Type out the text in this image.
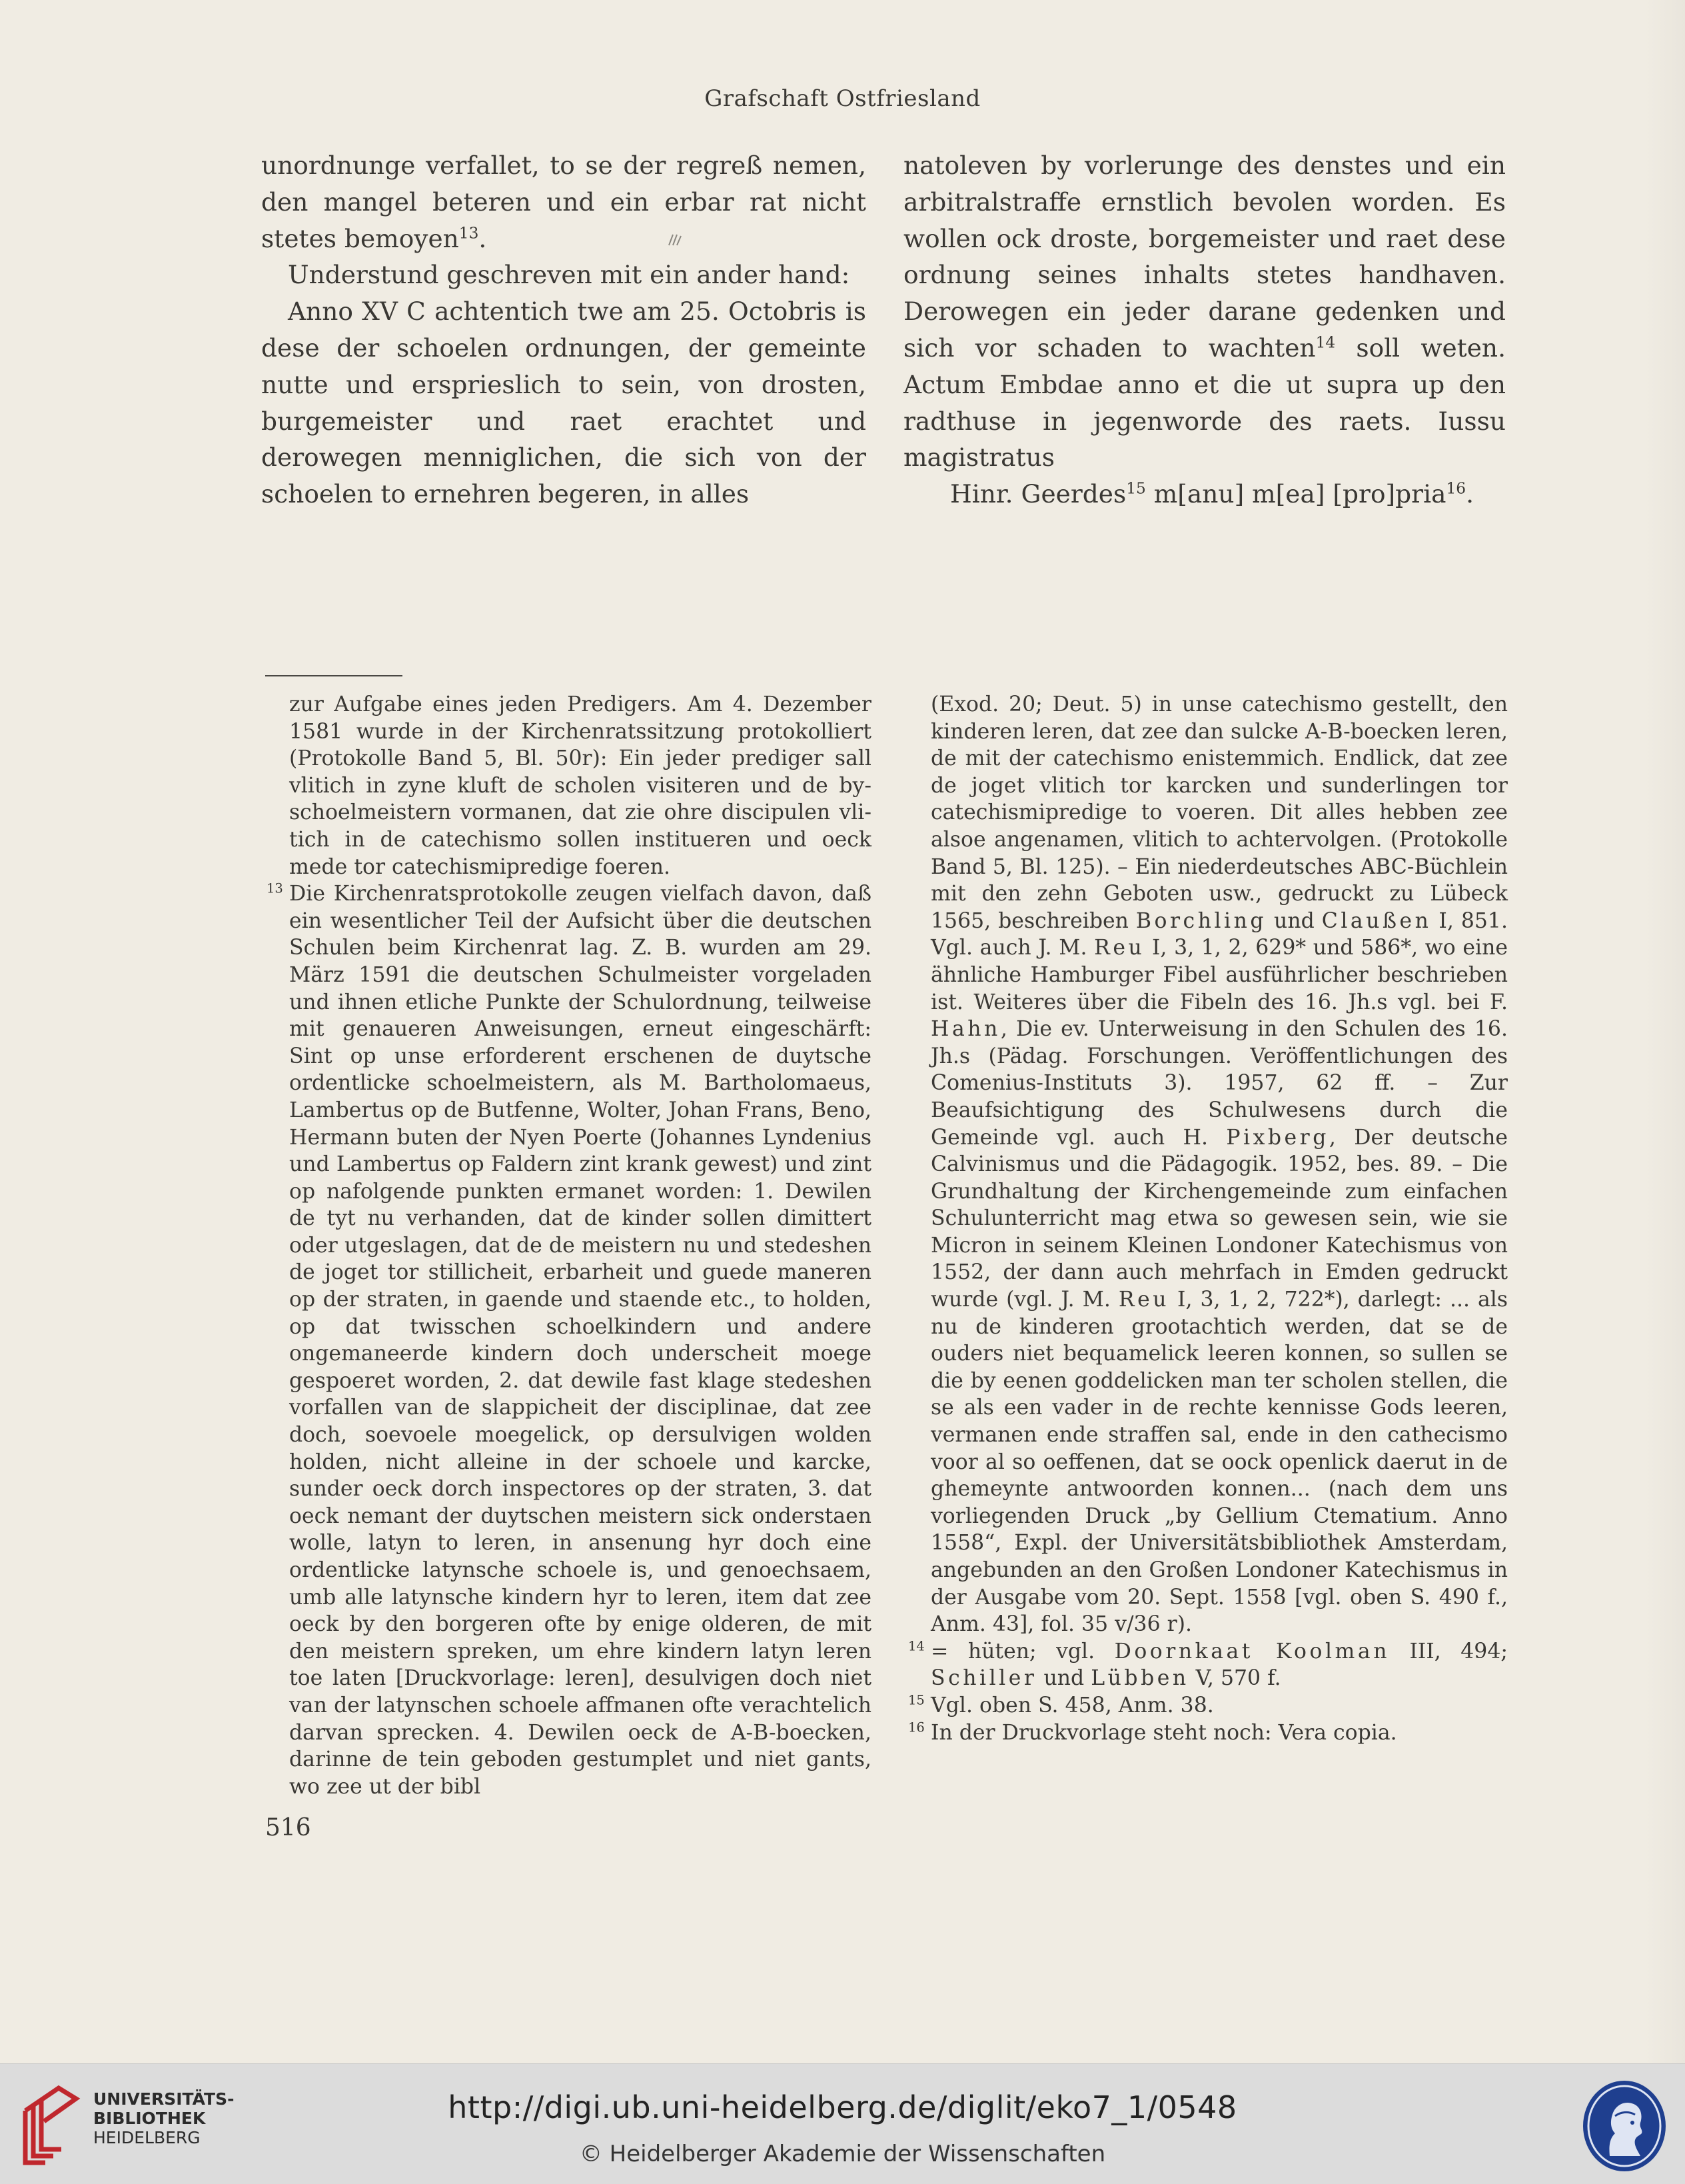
Grafschaft Ostfriesland

unordnunge verfallet, to se der regreß nemen, den mangel beteren und ein erbar rat nicht stetes bemoyen$^{13}$.

Understund geschreven mit ein ander hand:

Anno XV C achtentich twe am 25. Octobris is dese der schoelen ordnungen, der gemeinte nutte und ersprieslich to sein, von drosten, burgemeister und raet erachtet und derowegen menniglichen, die sich von der schoelen to ernehren begeren, in alles

natoleven by vorlerunge des denstes und ein arbitralstraffe ernstlich bevolen worden. Es wollen ock droste, borgemeister und raet dese ordnung seines inhalts stetes handhaven. Derowegen ein jeder darane gedenken und sich vor schaden to wachten$^{14}$ soll weten. Actum Embdae anno et die ut supra up den radthuse in jegenworde des raets. Iussu magistratus

Hinr. Geerdes$^{15}$ m[anu] m[ea] [pro]pria$^{16}$.

zur Aufgabe eines jeden Predigers. Am 4. Dezember 1581 wurde in der Kirchenratssitzung protokolliert (Protokolle Band 5, Bl. 50r): Ein jeder prediger sall vlitich in zyne kluft de scholen visiteren und de byschoelmeistern vormanen, dat zie ohre discipulen vlitich in de catechismo sollen institueren und oeck mede tor catechismipredige foeren.

$^{13}$ Die Kirchenratsprotokolle zeugen vielfach davon, daß ein wesentlicher Teil der Aufsicht über die deutschen Schulen beim Kirchenrat lag. Z. B. wurden am 29. März 1591 die deutschen Schulmeister vorgeladen und ihnen etliche Punkte der Schulordnung, teilweise mit genaueren Anweisungen, erneut eingeschärft: Sint op unse erforderent erschenen de duytsche ordentlicke schoelmeistern, als M. Bartholomaeus, Lambertus op de Butfenne, Wolter, Johan Frans, Beno, Hermann buten der Nyen Poerte (Johannes Lyndenius und Lambertus op Faldern zint krank gewest) und zint op nafolgende punkten ermanet worden: 1. Dewilen de tyt nu verhanden, dat de kinder sollen dimittert oder utgeslagen, dat de de meistern nu und stedeshen de joget tor stillicheit, erbarheit und guede maneren op der straten, in gaende und staende etc., to holden, op dat twisschen schoelkindern und andere ongemaneerde kindern doch underscheit moege gespoeret worden, 2. dat dewile fast klage stedeshen vorfallen van de slappicheit der disciplinae, dat zee doch, soevoele moegelick, op dersulvigen wolden holden, nicht alleine in der schoele und karcke, sunder oeck dorch inspectores op der straten, 3. dat oeck nemant der duytschen meistern sick onderstaen wolle, latyn to leren, in ansenung hyr doch eine ordentlicke latynsche schoele is, und genoechsaem, umb alle latynsche kindern hyr to leren, item dat zee oeck by den borgeren ofte by enige olderen, de mit den meistern spreken, um ehre kindern latyn leren toe laten [Druckvorlage: leren], desulvigen doch niet van der latynschen schoele affmanen ofte verachtelich darvan sprecken. 4. Dewilen oeck de A-B-boecken, darinne de tein geboden gestumplet und niet gants, wo zee ut der bibl

(Exod. 20; Deut. 5) in unse catechismo gestellt, den kinderen leren, dat zee dan sulcke A-B-boecken leren, de mit der catechismo enistemmich. Endlick, dat zee de joget vlitich tor karcken und sunderlingen tor catechismipredige to voeren. Dit alles hebben zee alsoe angenamen, vlitich to achtervolgen. (Protokolle Band 5, Bl. 125). – Ein niederdeutsches ABC-Büchlein mit den zehn Geboten usw., gedruckt zu Lübeck 1565, beschreiben Borchling und Claußen I, 851. Vgl. auch J. M. Reu I, 3, 1, 2, 629* und 586*, wo eine ähnliche Hamburger Fibel ausführlicher beschrieben ist. Weiteres über die Fibeln des 16. Jh.s vgl. bei F. Hahn, Die ev. Unterweisung in den Schulen des 16. Jh.s (Pädag. Forschungen. Veröffentlichungen des Comenius-Instituts 3). 1957, 62 ff. – Zur Beaufsichtigung des Schulwesens durch die Gemeinde vgl. auch H. Pixberg, Der deutsche Calvinismus und die Pädagogik. 1952, bes. 89. – Die Grundhaltung der Kirchengemeinde zum einfachen Schulunterricht mag etwa so gewesen sein, wie sie Micron in seinem Kleinen Londoner Katechismus von 1552, der dann auch mehrfach in Emden gedruckt wurde (vgl. J. M. Reu I, 3, 1, 2, 722*), darlegt: ... als nu de kinderen grootachtich werden, dat se de ouders niet bequamelick leeren konnen, so sullen se die by eenen goddelicken man ter scholen stellen, die se als een vader in de rechte kennisse Gods leeren, vermanen ende straffen sal, ende in den cathecismo voor al so oeffenen, dat se oock openlick daerut in de ghemeynte antwoorden konnen... (nach dem uns vorliegenden Druck „by Gellium Ctematium. Anno 1558“, Expl. der Universitätsbibliothek Amsterdam, angebunden an den Großen Londoner Katechismus in der Ausgabe vom 20. Sept. 1558 [vgl. oben S. 490 f., Anm. 43], fol. 35 v/36 r).

$^{14}$ = hüten; vgl. Doornkaat Koolman III, 494; Schiller und Lübben V, 570 f.

$^{15}$ Vgl. oben S. 458, Anm. 38.

$^{16}$ In der Druckvorlage steht noch: Vera copia.

516
UNIVERSITÄTS-
BIBLIOTHEK
HEIDELBERG
http://digi.ub.uni-heidelberg.de/diglit/eko7_1/0548
© Heidelberger Akademie der Wissenschaften
